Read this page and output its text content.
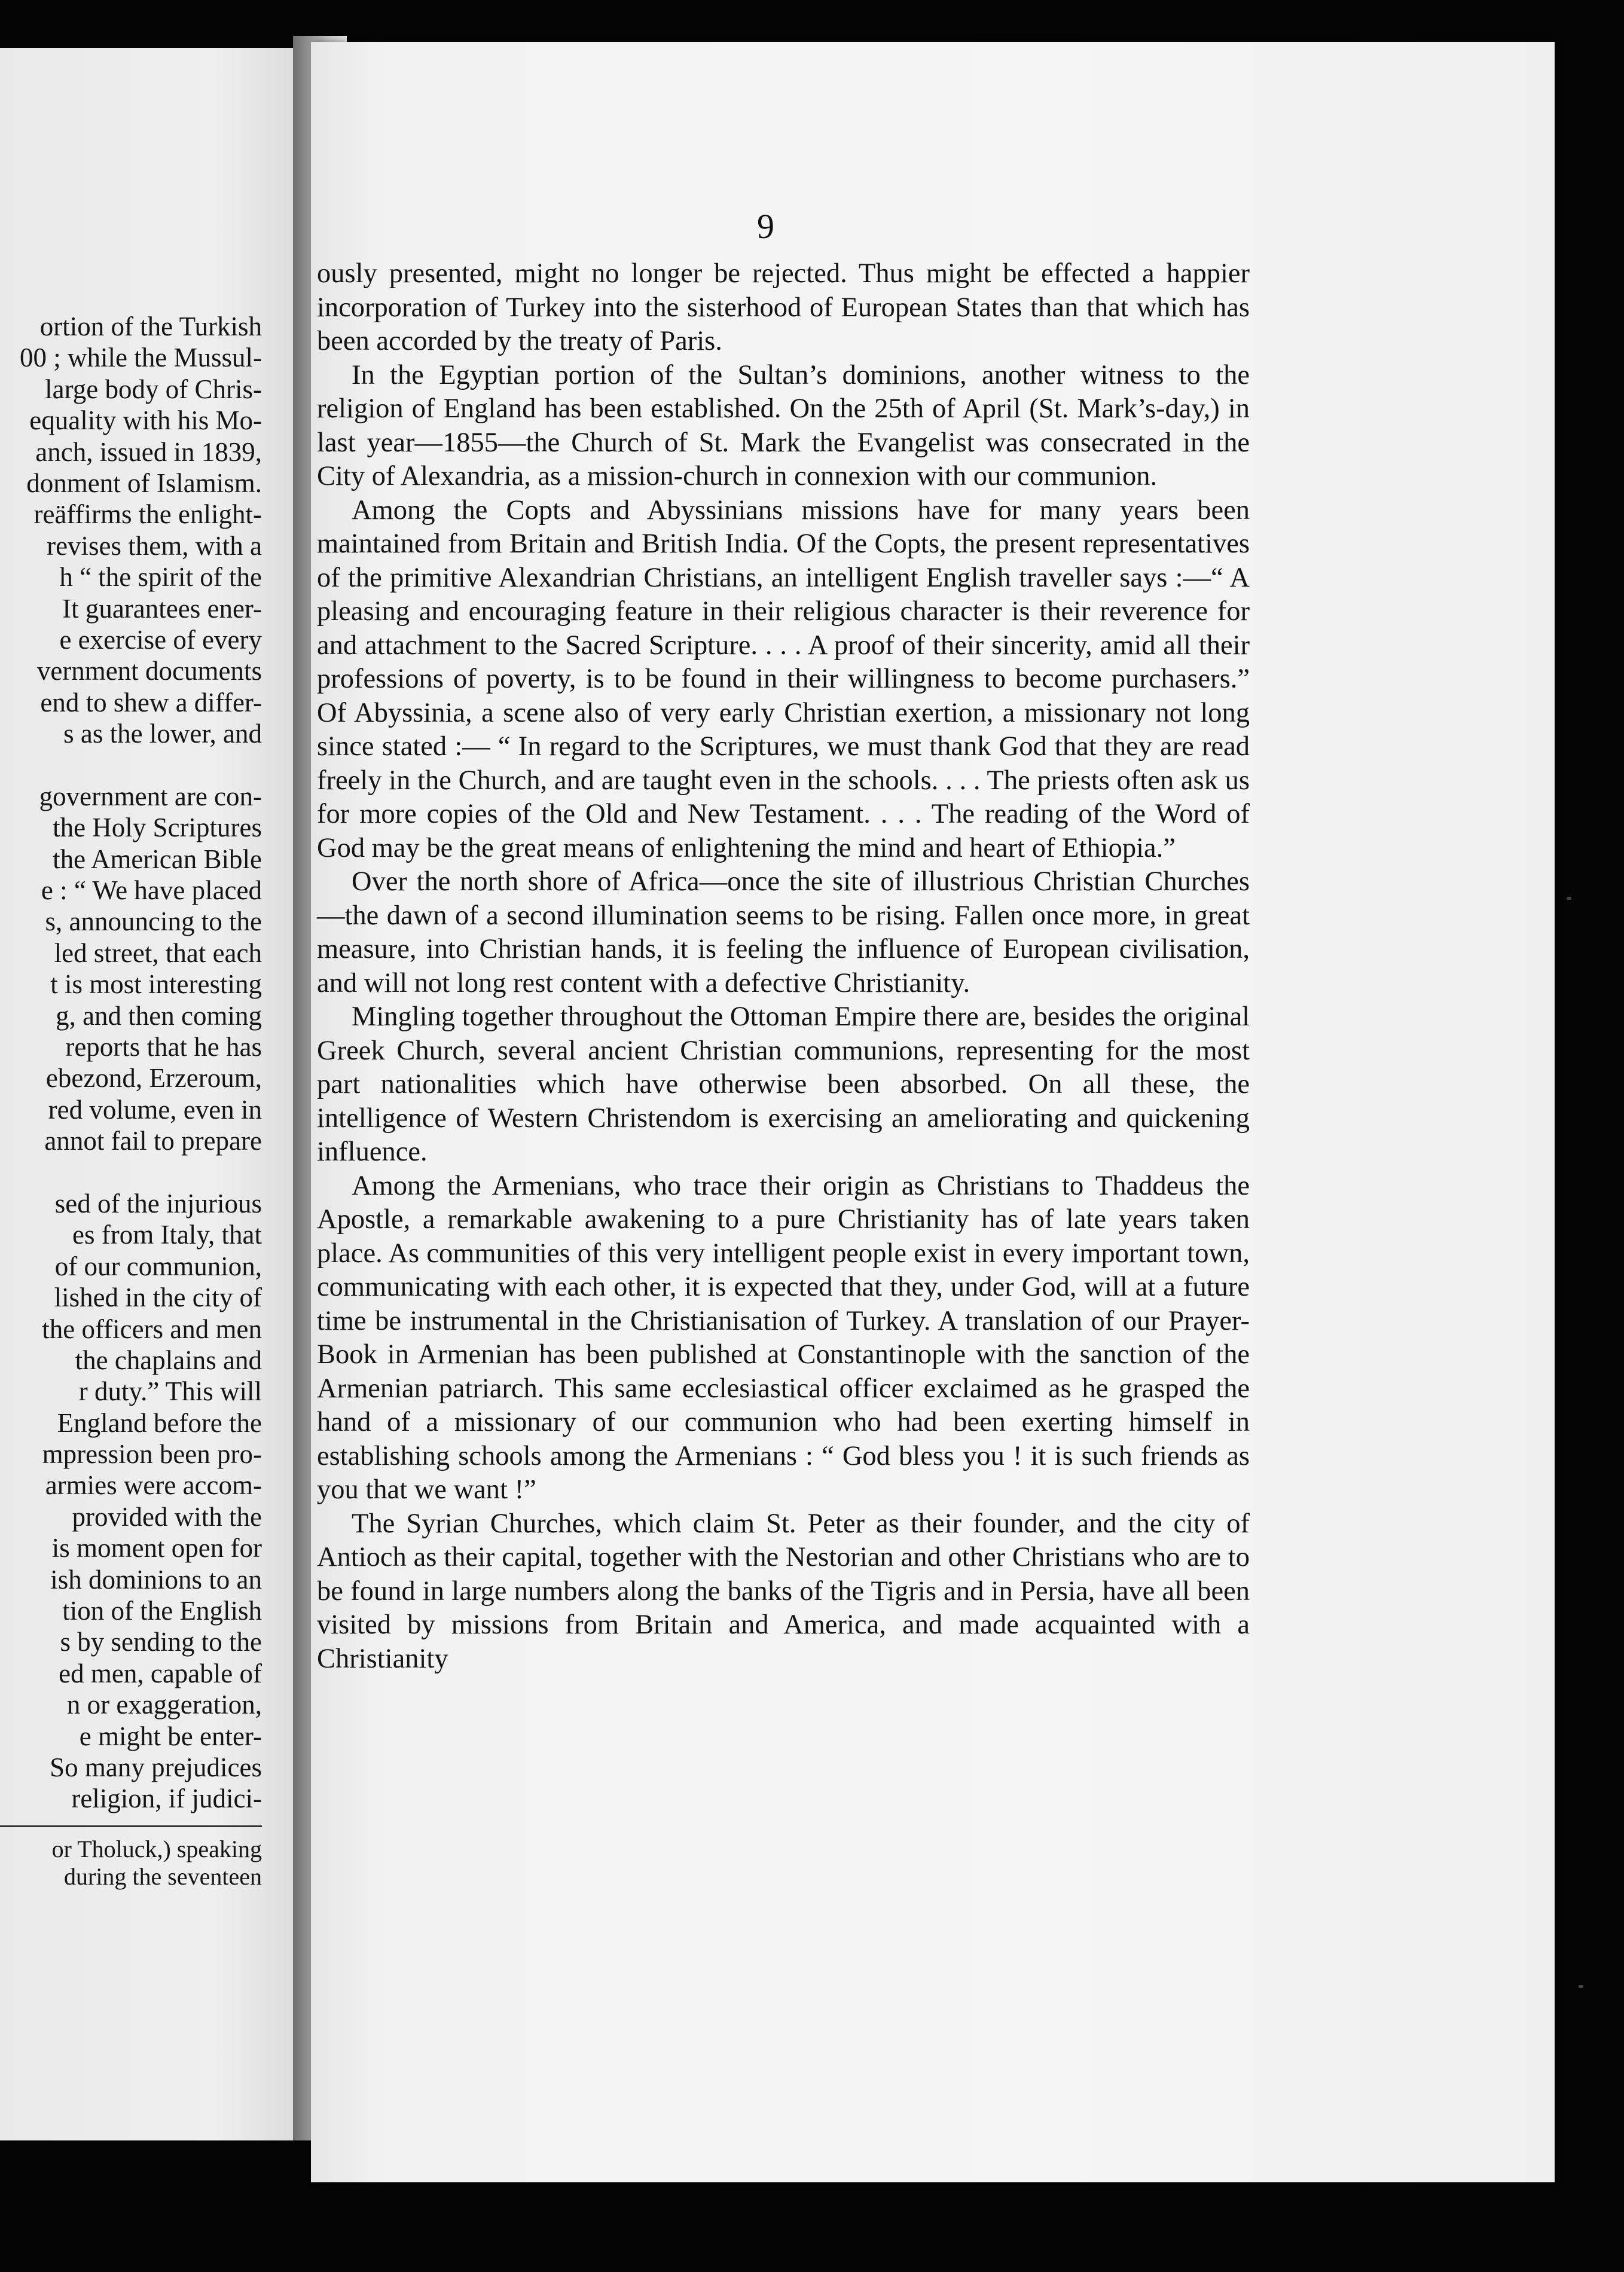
ortion of the Turkish
00 ; while the Mussul-
large body of Chris-
equality with his Mo-
anch, issued in 1839,
donment of Islamism.
reäffirms the enlight-
revises them, with a
h “ the spirit of the
It guarantees ener-
e exercise of every
vernment documents
end to shew a differ-
s as the lower, and
government are con-
the Holy Scriptures
the American Bible
e : “ We have placed
s, announcing to the
led street, that each
t is most interesting
g, and then coming
reports that he has
ebezond, Erzeroum,
red volume, even in
annot fail to prepare
sed of the injurious
es from Italy, that
of our communion,
lished in the city of
the officers and men
the chaplains and
r duty.” This will
England before the
mpression been pro-
armies were accom-
provided with the
is moment open for
ish dominions to an
tion of the English
s by sending to the
ed men, capable of
n or exaggeration,
e might be enter-
So many prejudices
religion, if judici-
or Tholuck,) speaking
during the seventeen
9

ously presented, might no longer be rejected. Thus might be effected a happier incorporation of Turkey into the sisterhood of European States than that which has been accorded by the treaty of Paris.

In the Egyptian portion of the Sultan’s dominions, another witness to the religion of England has been established. On the 25th of April (St. Mark’s-day,) in last year—1855—the Church of St. Mark the Evangelist was consecrated in the City of Alexandria, as a mission-church in connexion with our communion.

Among the Copts and Abyssinians missions have for many years been maintained from Britain and British India. Of the Copts, the present representatives of the primitive Alexandrian Christians, an intelligent English traveller says :—“ A pleasing and encouraging feature in their religious character is their reverence for and attachment to the Sacred Scripture. . . . A proof of their sincerity, amid all their professions of poverty, is to be found in their willingness to become purchasers.” Of Abyssinia, a scene also of very early Christian exertion, a missionary not long since stated :— “ In regard to the Scriptures, we must thank God that they are read freely in the Church, and are taught even in the schools. . . . The priests often ask us for more copies of the Old and New Testament. . . . The reading of the Word of God may be the great means of enlightening the mind and heart of Ethiopia.”

Over the north shore of Africa—once the site of illustrious Christian Churches—the dawn of a second illumination seems to be rising. Fallen once more, in great measure, into Christian hands, it is feeling the influence of European civilisation, and will not long rest content with a defective Christianity.

Mingling together throughout the Ottoman Empire there are, besides the original Greek Church, several ancient Christian communions, representing for the most part nationalities which have otherwise been absorbed. On all these, the intelligence of Western Christendom is exercising an ameliorating and quickening influence.

Among the Armenians, who trace their origin as Christians to Thaddeus the Apostle, a remarkable awakening to a pure Christianity has of late years taken place. As communities of this very intelligent people exist in every important town, communicating with each other, it is expected that they, under God, will at a future time be instrumental in the Christianisation of Turkey. A translation of our Prayer-Book in Armenian has been published at Constantinople with the sanction of the Armenian patriarch. This same ecclesiastical officer exclaimed as he grasped the hand of a missionary of our communion who had been exerting himself in establishing schools among the Armenians : “ God bless you ! it is such friends as you that we want !”

The Syrian Churches, which claim St. Peter as their founder, and the city of Antioch as their capital, together with the Nestorian and other Christians who are to be found in large numbers along the banks of the Tigris and in Persia, have all been visited by missions from Britain and America, and made acquainted with a Christianity
